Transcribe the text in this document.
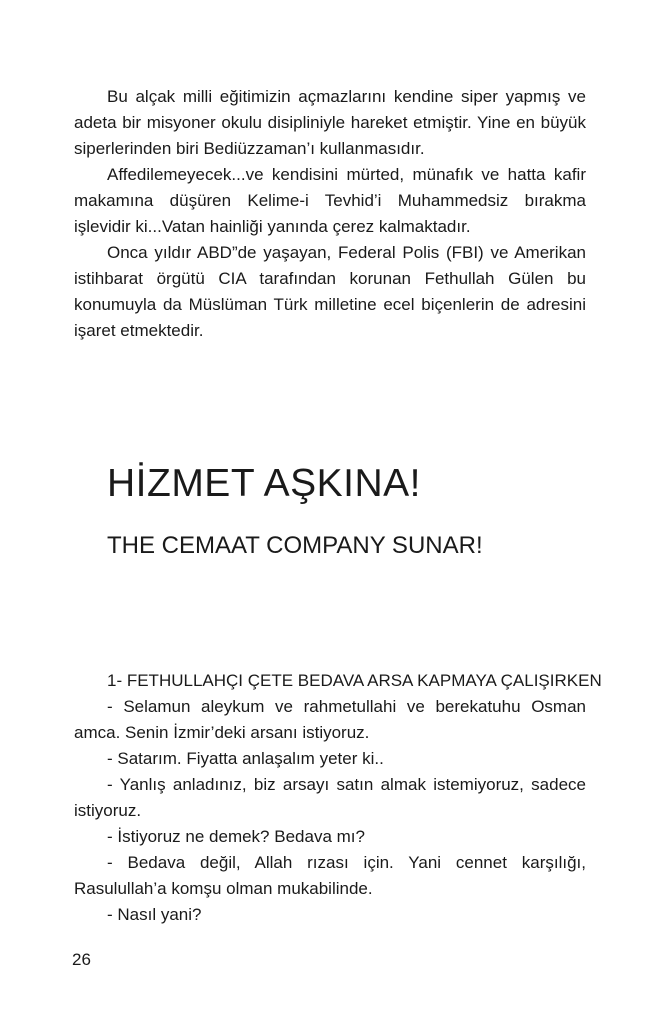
Bu alçak milli eğitimizin açmazlarını kendine siper yapmış ve adeta bir misyoner okulu disipliniyle hareket etmiştir. Yine en büyük siperlerinden biri Bediüzzaman’ı kullanmasıdır.

Affedilemeyecek...ve kendisini mürted, münafık ve hatta kafir makamına düşüren Kelime-i Tevhid’i Muhammedsiz bırakma işlevidir ki...Vatan hainliği yanında çerez kalmaktadır.

Onca yıldır ABD”de yaşayan, Federal Polis (FBI) ve Amerikan istihbarat örgütü CIA tarafından korunan Fethullah Gülen bu konumuyla da Müslüman Türk milletine ecel biçenlerin de adresini işaret etmektedir.

HİZMET AŞKINA!
THE CEMAAT COMPANY SUNAR!

1- FETHULLAHÇI ÇETE BEDAVA ARSA KAPMAYA ÇALIŞIRKEN

- Selamun aleykum ve rahmetullahi ve berekatuhu Osman amca. Senin İzmir’deki arsanı istiyoruz.

- Satarım. Fiyatta anlaşalım yeter ki..

- Yanlış anladınız, biz arsayı satın almak istemiyoruz, sadece istiyoruz.

- İstiyoruz ne demek? Bedava mı?

- Bedava değil, Allah rızası için. Yani cennet karşılığı, Rasulullah’a komşu olman mukabilinde.

- Nasıl yani?

26
